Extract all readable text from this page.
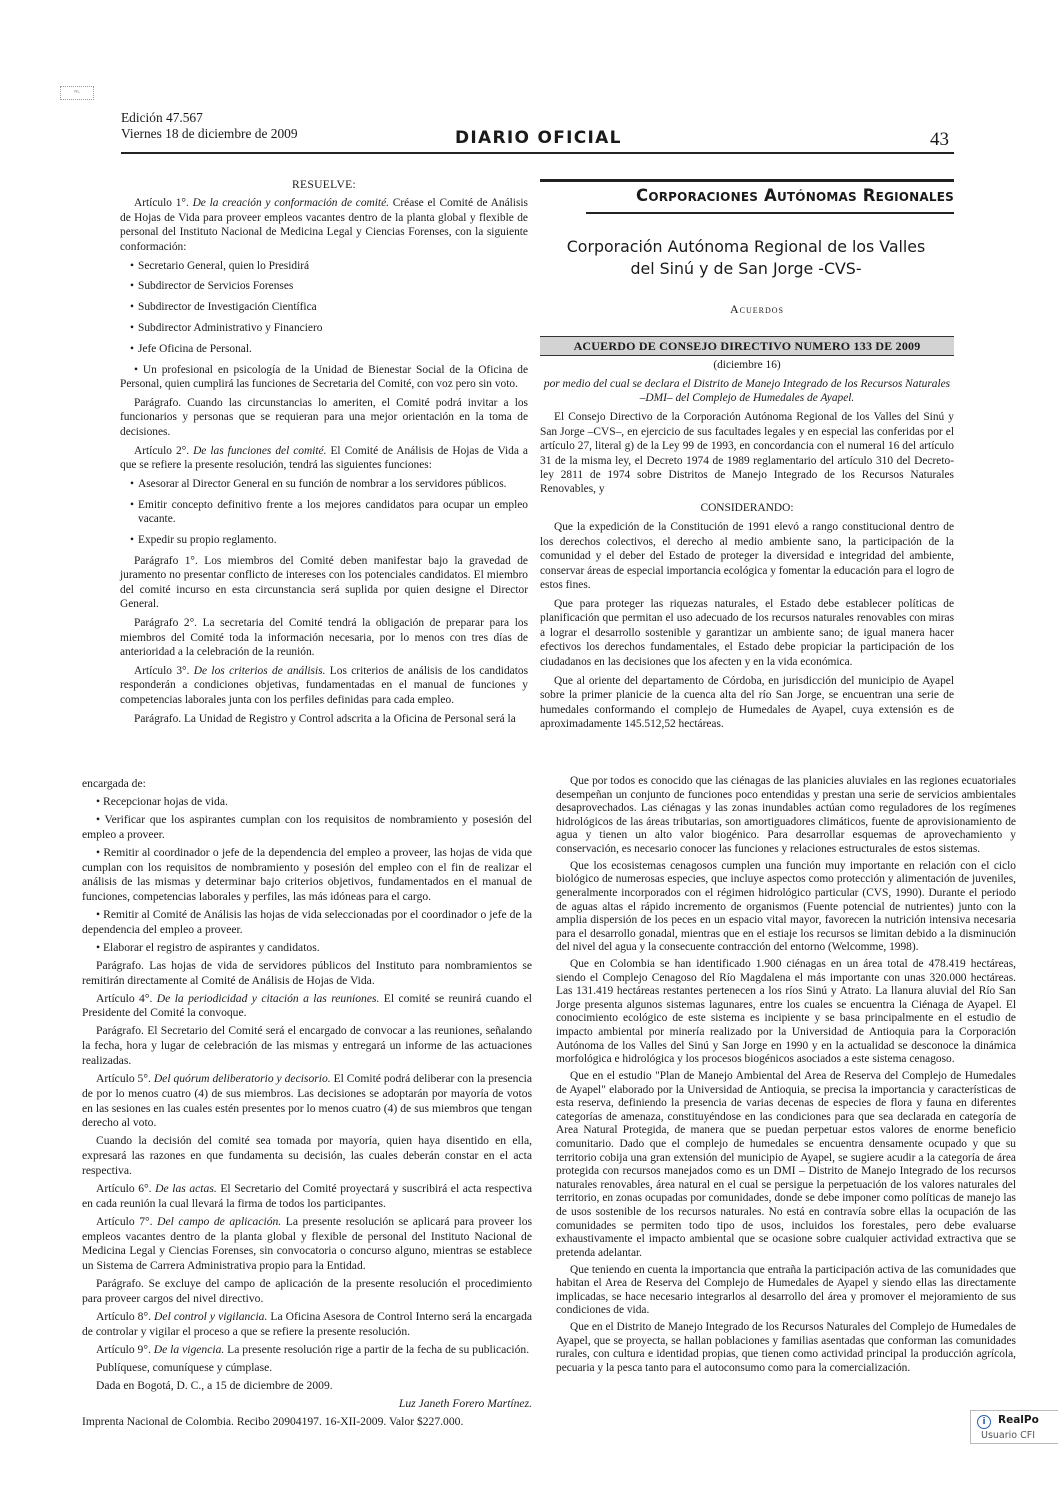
ᴺᴸ
Edición 47.567
Viernes 18 de diciembre de 2009	DIARIO OFICIAL	43

RESUELVE:

Artículo 1°. De la creación y conformación de comité. Créase el Comité de Análisis de Hojas de Vida para proveer empleos vacantes dentro de la planta global y flexible de personal del Instituto Nacional de Medicina Legal y Ciencias Forenses, con la siguiente conformación:

• Secretario General, quien lo Presidirá

• Subdirector de Servicios Forenses

• Subdirector de Investigación Científica

• Subdirector Administrativo y Financiero

• Jefe Oficina de Personal.

• Un profesional en psicología de la Unidad de Bienestar Social de la Oficina de Personal, quien cumplirá las funciones de Secretaria del Comité, con voz pero sin voto.

Parágrafo. Cuando las circunstancias lo ameriten, el Comité podrá invitar a los funcionarios y personas que se requieran para una mejor orientación en la toma de decisiones.

Artículo 2°. De las funciones del comité. El Comité de Análisis de Hojas de Vida a que se refiere la presente resolución, tendrá las siguientes funciones:

• Asesorar al Director General en su función de nombrar a los servidores públicos.

• Emitir concepto definitivo frente a los mejores candidatos para ocupar un empleo vacante.

• Expedir su propio reglamento.

Parágrafo 1°. Los miembros del Comité deben manifestar bajo la gravedad de juramento no presentar conflicto de intereses con los potenciales candidatos. El miembro del comité incurso en esta circunstancia será suplida por quien designe el Director General.

Parágrafo 2°. La secretaria del Comité tendrá la obligación de preparar para los miembros del Comité toda la información necesaria, por lo menos con tres días de anterioridad a la celebración de la reunión.

Artículo 3°. De los criterios de análisis. Los criterios de análisis de los candidatos responderán a condiciones objetivas, fundamentadas en el manual de funciones y competencias laborales junta con los perfiles definidas para cada empleo.

Parágrafo. La Unidad de Registro y Control adscrita a la Oficina de Personal será la

Corporaciones Autónomas Regionales
Corporación Autónoma Regional de los Valles
del Sinú y de San Jorge -CVS-
Acuerdos
ACUERDO DE CONSEJO DIRECTIVO NUMERO 133 DE 2009

(diciembre 16)

por medio del cual se declara el Distrito de Manejo Integrado de los Recursos Naturales –DMI– del Complejo de Humedales de Ayapel.

El Consejo Directivo de la Corporación Autónoma Regional de los Valles del Sinú y San Jorge –CVS–, en ejercicio de sus facultades legales y en especial las conferidas por el artículo 27, literal g) de la Ley 99 de 1993, en concordancia con el numeral 16 del artículo 31 de la misma ley, el Decreto 1974 de 1989 reglamentario del artículo 310 del Decreto-ley 2811 de 1974 sobre Distritos de Manejo Integrado de los Recursos Naturales Renovables, y

CONSIDERANDO:

Que la expedición de la Constitución de 1991 elevó a rango constitucional dentro de los derechos colectivos, el derecho al medio ambiente sano, la participación de la comunidad y el deber del Estado de proteger la diversidad e integridad del ambiente, conservar áreas de especial importancia ecológica y fomentar la educación para el logro de estos fines.

Que para proteger las riquezas naturales, el Estado debe establecer políticas de planificación que permitan el uso adecuado de los recursos naturales renovables con miras a lograr el desarrollo sostenible y garantizar un ambiente sano; de igual manera hacer efectivos los derechos fundamentales, el Estado debe propiciar la participación de los ciudadanos en las decisiones que los afecten y en la vida económica.

Que al oriente del departamento de Córdoba, en jurisdicción del municipio de Ayapel sobre la primer planicie de la cuenca alta del río San Jorge, se encuentran una serie de humedales conformando el complejo de Humedales de Ayapel, cuya extensión es de aproximadamente 145.512,52 hectáreas.

encargada de:

• Recepcionar hojas de vida.

• Verificar que los aspirantes cumplan con los requisitos de nombramiento y posesión del empleo a proveer.

• Remitir al coordinador o jefe de la dependencia del empleo a proveer, las hojas de vida que cumplan con los requisitos de nombramiento y posesión del empleo con el fin de realizar el análisis de las mismas y determinar bajo criterios objetivos, fundamentados en el manual de funciones, competencias laborales y perfiles, las más idóneas para el cargo.

• Remitir al Comité de Análisis las hojas de vida seleccionadas por el coordinador o jefe de la dependencia del empleo a proveer.

• Elaborar el registro de aspirantes y candidatos.

Parágrafo. Las hojas de vida de servidores públicos del Instituto para nombramientos se remitirán directamente al Comité de Análisis de Hojas de Vida.

Artículo 4°. De la periodicidad y citación a las reuniones. El comité se reunirá cuando el Presidente del Comité la convoque.

Parágrafo. El Secretario del Comité será el encargado de convocar a las reuniones, señalando la fecha, hora y lugar de celebración de las mismas y entregará un informe de las actuaciones realizadas.

Artículo 5°. Del quórum deliberatorio y decisorio. El Comité podrá deliberar con la presencia de por lo menos cuatro (4) de sus miembros. Las decisiones se adoptarán por mayoría de votos en las sesiones en las cuales estén presentes por lo menos cuatro (4) de sus miembros que tengan derecho al voto.

Cuando la decisión del comité sea tomada por mayoría, quien haya disentido en ella, expresará las razones en que fundamenta su decisión, las cuales deberán constar en el acta respectiva.

Artículo 6°. De las actas. El Secretario del Comité proyectará y suscribirá el acta respectiva en cada reunión la cual llevará la firma de todos los participantes.

Artículo 7°. Del campo de aplicación. La presente resolución se aplicará para proveer los empleos vacantes dentro de la planta global y flexible de personal del Instituto Nacional de Medicina Legal y Ciencias Forenses, sin convocatoria o concurso alguno, mientras se establece un Sistema de Carrera Administrativa propio para la Entidad.

Parágrafo. Se excluye del campo de aplicación de la presente resolución el procedimiento para proveer cargos del nivel directivo.

Artículo 8°. Del control y vigilancia. La Oficina Asesora de Control Interno será la encargada de controlar y vigilar el proceso a que se refiere la presente resolución.

Artículo 9°. De la vigencia. La presente resolución rige a partir de la fecha de su publicación.

Publíquese, comuníquese y cúmplase.

Dada en Bogotá, D. C., a 15 de diciembre de 2009.

Luz Janeth Forero Martínez.

Imprenta Nacional de Colombia. Recibo 20904197. 16-XII-2009. Valor $227.000.

Que por todos es conocido que las ciénagas de las planicies aluviales en las regiones ecuatoriales desempeñan un conjunto de funciones poco entendidas y prestan una serie de servicios ambientales desaprovechados. Las ciénagas y las zonas inundables actúan como reguladores de los regímenes hidrológicos de las áreas tributarias, son amortiguadores climáticos, fuente de aprovisionamiento de agua y tienen un alto valor biogénico. Para desarrollar esquemas de aprovechamiento y conservación, es necesario conocer las funciones y relaciones estructurales de estos sistemas.

Que los ecosistemas cenagosos cumplen una función muy importante en relación con el ciclo biológico de numerosas especies, que incluye aspectos como protección y alimentación de juveniles, generalmente incorporados con el régimen hidrológico particular (CVS, 1990). Durante el periodo de aguas altas el rápido incremento de organismos (Fuente potencial de nutrientes) junto con la amplia dispersión de los peces en un espacio vital mayor, favorecen la nutrición intensiva necesaria para el desarrollo gonadal, mientras que en el estiaje los recursos se limitan debido a la disminución del nivel del agua y la consecuente contracción del entorno (Welcomme, 1998).

Que en Colombia se han identificado 1.900 ciénagas en un área total de 478.419 hectáreas, siendo el Complejo Cenagoso del Río Magdalena el más importante con unas 320.000 hectáreas. Las 131.419 hectáreas restantes pertenecen a los ríos Sinú y Atrato. La llanura aluvial del Río San Jorge presenta algunos sistemas lagunares, entre los cuales se encuentra la Ciénaga de Ayapel. El conocimiento ecológico de este sistema es incipiente y se basa principalmente en el estudio de impacto ambiental por minería realizado por la Universidad de Antioquia para la Corporación Autónoma de los Valles del Sinú y San Jorge en 1990 y en la actualidad se desconoce la dinámica morfológica e hidrológica y los procesos biogénicos asociados a este sistema cenagoso.

Que en el estudio "Plan de Manejo Ambiental del Area de Reserva del Complejo de Humedales de Ayapel" elaborado por la Universidad de Antioquia, se precisa la importancia y características de esta reserva, definiendo la presencia de varias decenas de especies de flora y fauna en diferentes categorías de amenaza, constituyéndose en las condiciones para que sea declarada en categoría de Area Natural Protegida, de manera que se puedan perpetuar estos valores de enorme beneficio comunitario. Dado que el complejo de humedales se encuentra densamente ocupado y que su territorio cobija una gran extensión del municipio de Ayapel, se sugiere acudir a la categoría de área protegida con recursos manejados como es un DMI – Distrito de Manejo Integrado de los recursos naturales renovables, área natural en el cual se persigue la perpetuación de los valores naturales del territorio, en zonas ocupadas por comunidades, donde se debe imponer como políticas de manejo las de usos sostenible de los recursos naturales. No está en contravía sobre ellas la ocupación de las comunidades se permiten todo tipo de usos, incluidos los forestales, pero debe evaluarse exhaustivamente el impacto ambiental que se ocasione sobre cualquier actividad extractiva que se pretenda adelantar.

Que teniendo en cuenta la importancia que entraña la participación activa de las comunidades que habitan el Area de Reserva del Complejo de Humedales de Ayapel y siendo ellas las directamente implicadas, se hace necesario integrarlos al desarrollo del área y promover el mejoramiento de sus condiciones de vida.

Que en el Distrito de Manejo Integrado de los Recursos Naturales del Complejo de Humedales de Ayapel, que se proyecta, se hallan poblaciones y familias asentadas que conforman las comunidades rurales, con cultura e identidad propias, que tienen como actividad principal la producción agrícola, pecuaria y la pesca tanto para el autoconsumo como para la comercialización.

i	RealPo
Usuario CFI
